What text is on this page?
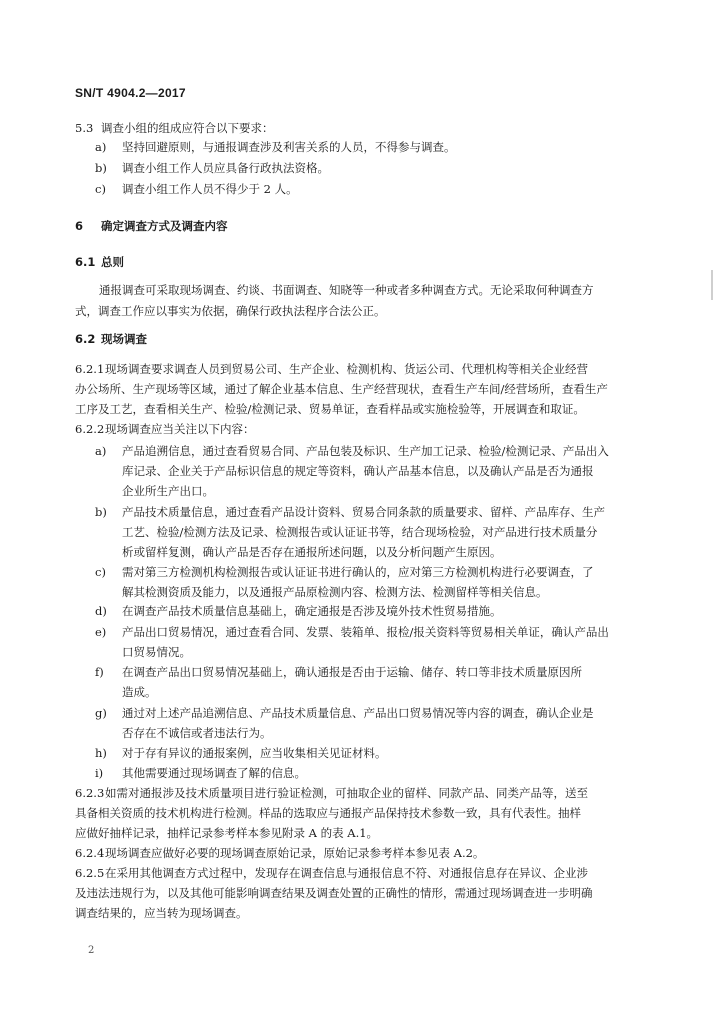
SN/T 4904.2—2017
5.3 调查小组的组成应符合以下要求：
a) 坚持回避原则，与通报调查涉及利害关系的人员，不得参与调查。
b) 调查小组工作人员应具备行政执法资格。
c) 调查小组工作人员不得少于 2 人。
6 确定调查方式及调查内容
6.1 总则
通报调查可采取现场调查、约谈、书面调查、知晓等一种或者多种调查方式。无论采取何种调查方
式，调查工作应以事实为依据，确保行政执法程序合法公正。
6.2 现场调查
6.2.1现场调查要求调查人员到贸易公司、生产企业、检测机构、货运公司、代理机构等相关企业经营
办公场所、生产现场等区域，通过了解企业基本信息、生产经营现状，查看生产车间/经营场所，查看生产
工序及工艺，查看相关生产、检验/检测记录、贸易单证，查看样品或实施检验等，开展调查和取证。
6.2.2现场调查应当关注以下内容：
a) 产品追溯信息，通过查看贸易合同、产品包装及标识、生产加工记录、检验/检测记录、产品出入
库记录、企业关于产品标识信息的规定等资料，确认产品基本信息，以及确认产品是否为通报
企业所生产出口。
b) 产品技术质量信息，通过查看产品设计资料、贸易合同条款的质量要求、留样、产品库存、生产
工艺、检验/检测方法及记录、检测报告或认证证书等，结合现场检验，对产品进行技术质量分
析或留样复测，确认产品是否存在通报所述问题，以及分析问题产生原因。
c) 需对第三方检测机构检测报告或认证证书进行确认的，应对第三方检测机构进行必要调查，了
解其检测资质及能力，以及通报产品原检测内容、检测方法、检测留样等相关信息。
d) 在调查产品技术质量信息基础上，确定通报是否涉及境外技术性贸易措施。
e) 产品出口贸易情况，通过查看合同、发票、装箱单、报检/报关资料等贸易相关单证，确认产品出
口贸易情况。
f) 在调查产品出口贸易情况基础上，确认通报是否由于运输、储存、转口等非技术质量原因所
造成。
g) 通过对上述产品追溯信息、产品技术质量信息、产品出口贸易情况等内容的调查，确认企业是
否存在不诚信或者违法行为。
h) 对于存有异议的通报案例，应当收集相关见证材料。
i) 其他需要通过现场调查了解的信息。
6.2.3如需对通报涉及技术质量项目进行验证检测，可抽取企业的留样、同款产品、同类产品等，送至
具备相关资质的技术机构进行检测。样品的选取应与通报产品保持技术参数一致，具有代表性。抽样
应做好抽样记录，抽样记录参考样本参见附录 A 的表 A.1。
6.2.4现场调查应做好必要的现场调查原始记录，原始记录参考样本参见表 A.2。
6.2.5在采用其他调查方式过程中，发现存在调查信息与通报信息不符、对通报信息存在异议、企业涉
及违法违规行为，以及其他可能影响调查结果及调查处置的正确性的情形，需通过现场调查进一步明确
调查结果的，应当转为现场调查。
2
